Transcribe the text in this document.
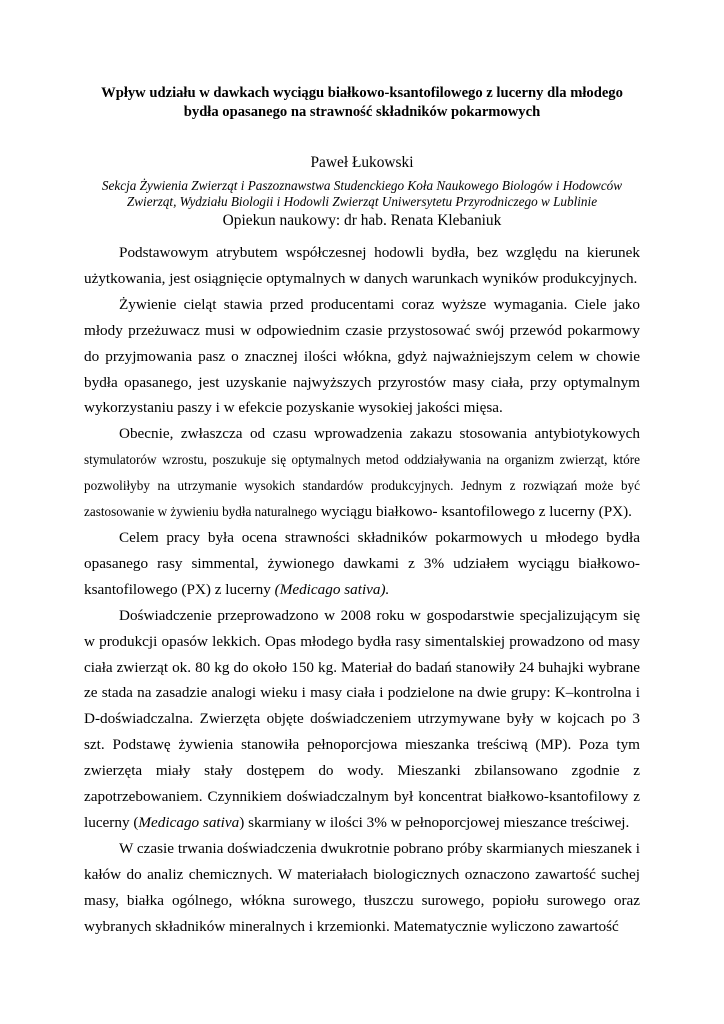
Wpływ udziału w dawkach wyciągu białkowo-ksantofilowego z lucerny dla młodego
bydła opasanego na strawność składników pokarmowych
Paweł Łukowski
Sekcja Żywienia Zwierząt i Paszoznawstwa Studenckiego Koła Naukowego Biologów i Hodowców
Zwierząt, Wydziału Biologii i Hodowli Zwierząt Uniwersytetu Przyrodniczego w Lublinie
Opiekun naukowy: dr hab. Renata Klebaniuk

Podstawowym atrybutem współczesnej hodowli bydła, bez względu na kierunek użytkowania, jest osiągnięcie optymalnych w danych warunkach wyników produkcyjnych.

Żywienie cieląt stawia przed producentami coraz wyższe wymagania. Ciele jako młody przeżuwacz musi w odpowiednim czasie przystosować swój przewód pokarmowy do przyjmowania pasz o znacznej ilości włókna, gdyż najważniejszym celem w chowie bydła opasanego, jest uzyskanie najwyższych przyrostów masy ciała, przy optymalnym wykorzystaniu paszy i w efekcie pozyskanie wysokiej jakości mięsa.

Obecnie, zwłaszcza od czasu wprowadzenia zakazu stosowania antybiotykowych stymulatorów wzrostu, poszukuje się optymalnych metod oddziaływania na organizm zwierząt, które pozwoliłyby na utrzymanie wysokich standardów produkcyjnych. Jednym z rozwiązań może być zastosowanie w żywieniu bydła naturalnego wyciągu białkowo- ksantofilowego z lucerny (PX).

Celem pracy była ocena strawności składników pokarmowych u młodego bydła opasanego rasy simmental, żywionego dawkami z 3% udziałem wyciągu białkowo-ksantofilowego (PX) z lucerny (Medicago sativa).

Doświadczenie przeprowadzono w 2008 roku w gospodarstwie specjalizującym się w produkcji opasów lekkich. Opas młodego bydła rasy simentalskiej prowadzono od masy ciała zwierząt ok. 80 kg do około 150 kg. Materiał do badań stanowiły 24 buhajki wybrane ze stada na zasadzie analogi wieku i masy ciała i podzielone na dwie grupy: K–kontrolna i D-doświadczalna. Zwierzęta objęte doświadczeniem utrzymywane były w kojcach po 3 szt. Podstawę żywienia stanowiła pełnoporcjowa mieszanka treściwą (MP). Poza tym zwierzęta miały stały dostępem do wody. Mieszanki zbilansowano zgodnie z zapotrzebowaniem. Czynnikiem doświadczalnym był koncentrat białkowo-ksantofilowy z lucerny (Medicago sativa) skarmiany w ilości 3% w pełnoporcjowej mieszance treściwej.

W czasie trwania doświadczenia dwukrotnie pobrano próby skarmianych mieszanek i kałów do analiz chemicznych. W materiałach biologicznych oznaczono zawartość suchej masy, białka ogólnego, włókna surowego, tłuszczu surowego, popiołu surowego oraz wybranych składników mineralnych i krzemionki. Matematycznie wyliczono zawartość
